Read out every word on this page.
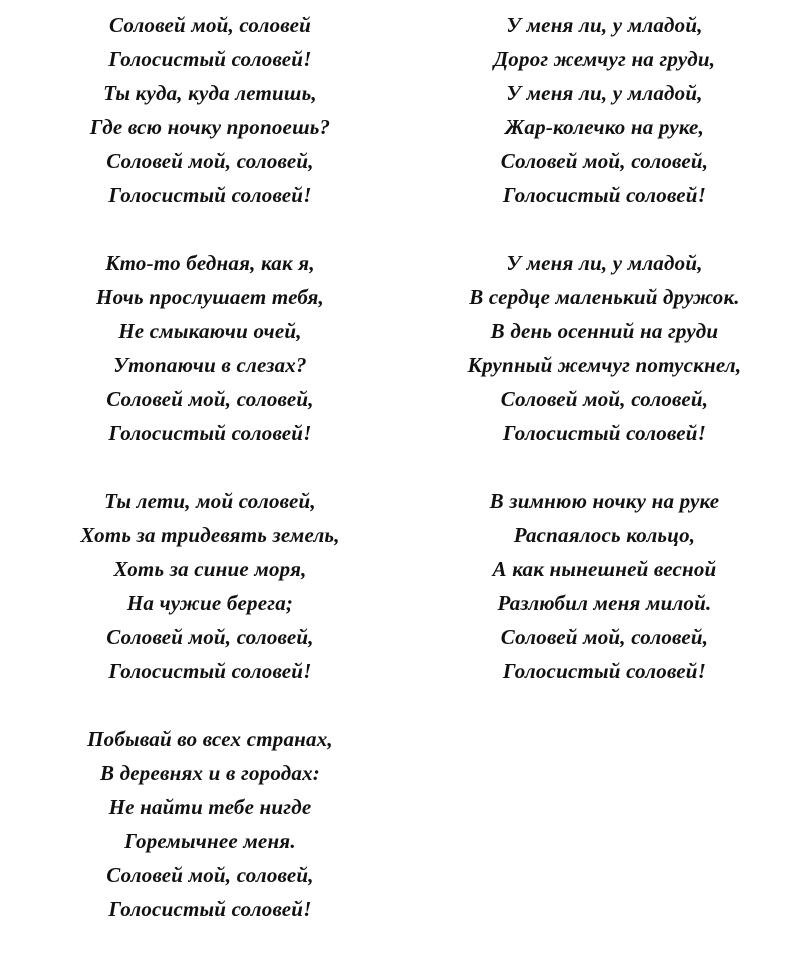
Соловей мой, соловей
Голосистый соловей!
Ты куда, куда летишь,
Где всю ночку пропоешь?
Соловей мой, соловей,
Голосистый соловей!
Кто-то бедная, как я,
Ночь прослушает тебя,
Не смыкаючи очей,
Утопаючи в слезах?
Соловей мой, соловей,
Голосистый соловей!
Ты лети, мой соловей,
Хоть за тридевять земель,
Хоть за синие моря,
На чужие берега;
Соловей мой, соловей,
Голосистый соловей!
Побывай во всех странах,
В деревнях и в городах:
Не найти тебе нигде
Горемычнее меня.
Соловей мой, соловей,
Голосистый соловей!
У меня ли, у младой,
Дорог жемчуг на груди,
У меня ли, у младой,
Жар-колечко на руке,
Соловей мой, соловей,
Голосистый соловей!
У меня ли, у младой,
В сердце маленький дружок.
В день осенний на груди
Крупный жемчуг потускнел,
Соловей мой, соловей,
Голосистый соловей!
В зимнюю ночку на руке
Распаялось кольцо,
А как нынешней весной
Разлюбил меня милой.
Соловей мой, соловей,
Голосистый соловей!
